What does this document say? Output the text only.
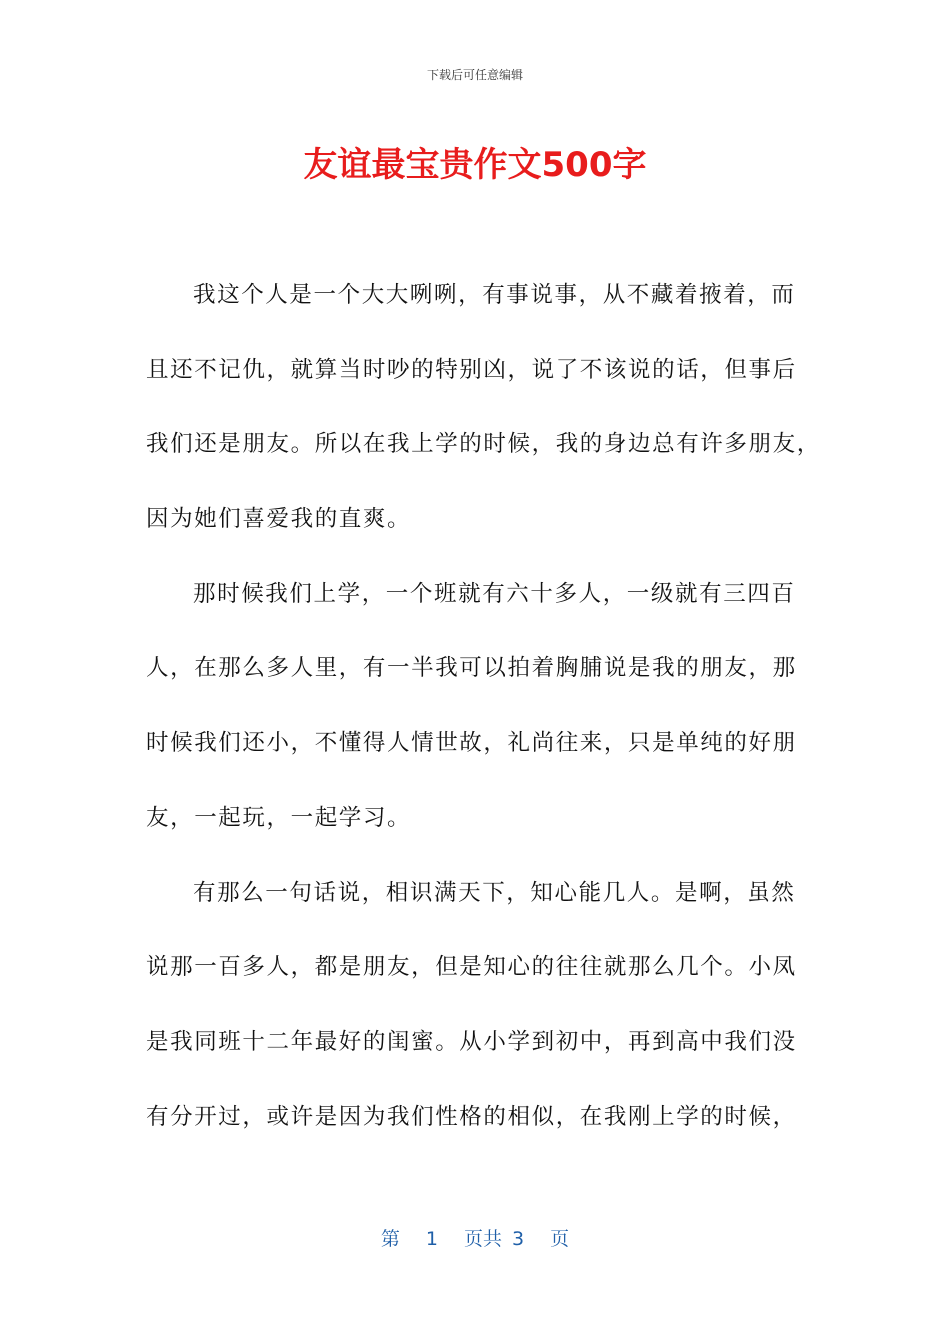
下载后可任意编辑
友谊最宝贵作文500字
我这个人是一个大大咧咧，有事说事，从不藏着掖着，而
且还不记仇，就算当时吵的特别凶，说了不该说的话，但事后
我们还是朋友。所以在我上学的时候，我的身边总有许多朋友，
因为她们喜爱我的直爽。
那时候我们上学，一个班就有六十多人，一级就有三四百
人，在那么多人里，有一半我可以拍着胸脯说是我的朋友，那
时候我们还小，不懂得人情世故，礼尚往来，只是单纯的好朋
友，一起玩，一起学习。
有那么一句话说，相识满天下，知心能几人。是啊，虽然
说那一百多人，都是朋友，但是知心的往往就那么几个。小凤
是我同班十二年最好的闺蜜。从小学到初中，再到高中我们没
有分开过，或许是因为我们性格的相似，在我刚上学的时候，
第 1 页共 3 页
